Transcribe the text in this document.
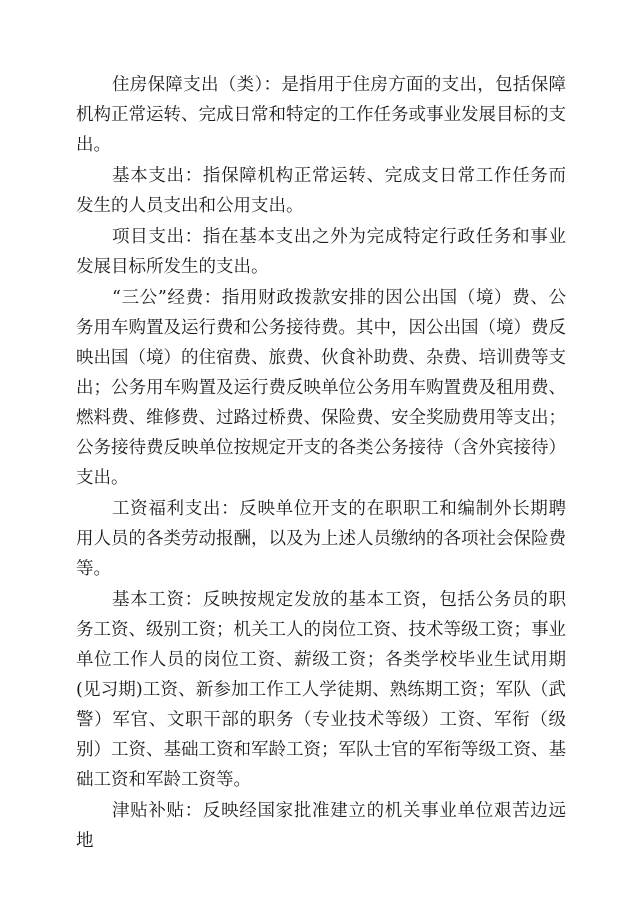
住房保障支出（类）：是指用于住房方面的支出，包括保障机构正常运转、完成日常和特定的工作任务或事业发展目标的支出。

基本支出：指保障机构正常运转、完成支日常工作任务而发生的人员支出和公用支出。

项目支出：指在基本支出之外为完成特定行政任务和事业发展目标所发生的支出。

“三公”经费：指用财政拨款安排的因公出国（境）费、公务用车购置及运行费和公务接待费。其中，因公出国（境）费反映出国（境）的住宿费、旅费、伙食补助费、杂费、培训费等支出；公务用车购置及运行费反映单位公务用车购置费及租用费、燃料费、维修费、过路过桥费、保险费、安全奖励费用等支出；公务接待费反映单位按规定开支的各类公务接待（含外宾接待）支出。

工资福利支出：反映单位开支的在职职工和编制外长期聘用人员的各类劳动报酬，以及为上述人员缴纳的各项社会保险费等。

基本工资：反映按规定发放的基本工资，包括公务员的职务工资、级别工资；机关工人的岗位工资、技术等级工资；事业单位工作人员的岗位工资、薪级工资；各类学校毕业生试用期(见习期)工资、新参加工作工人学徒期、熟练期工资；军队（武警）军官、文职干部的职务（专业技术等级）工资、军衔（级别）工资、基础工资和军龄工资；军队士官的军衔等级工资、基础工资和军龄工资等。

津贴补贴：反映经国家批准建立的机关事业单位艰苦边远地
